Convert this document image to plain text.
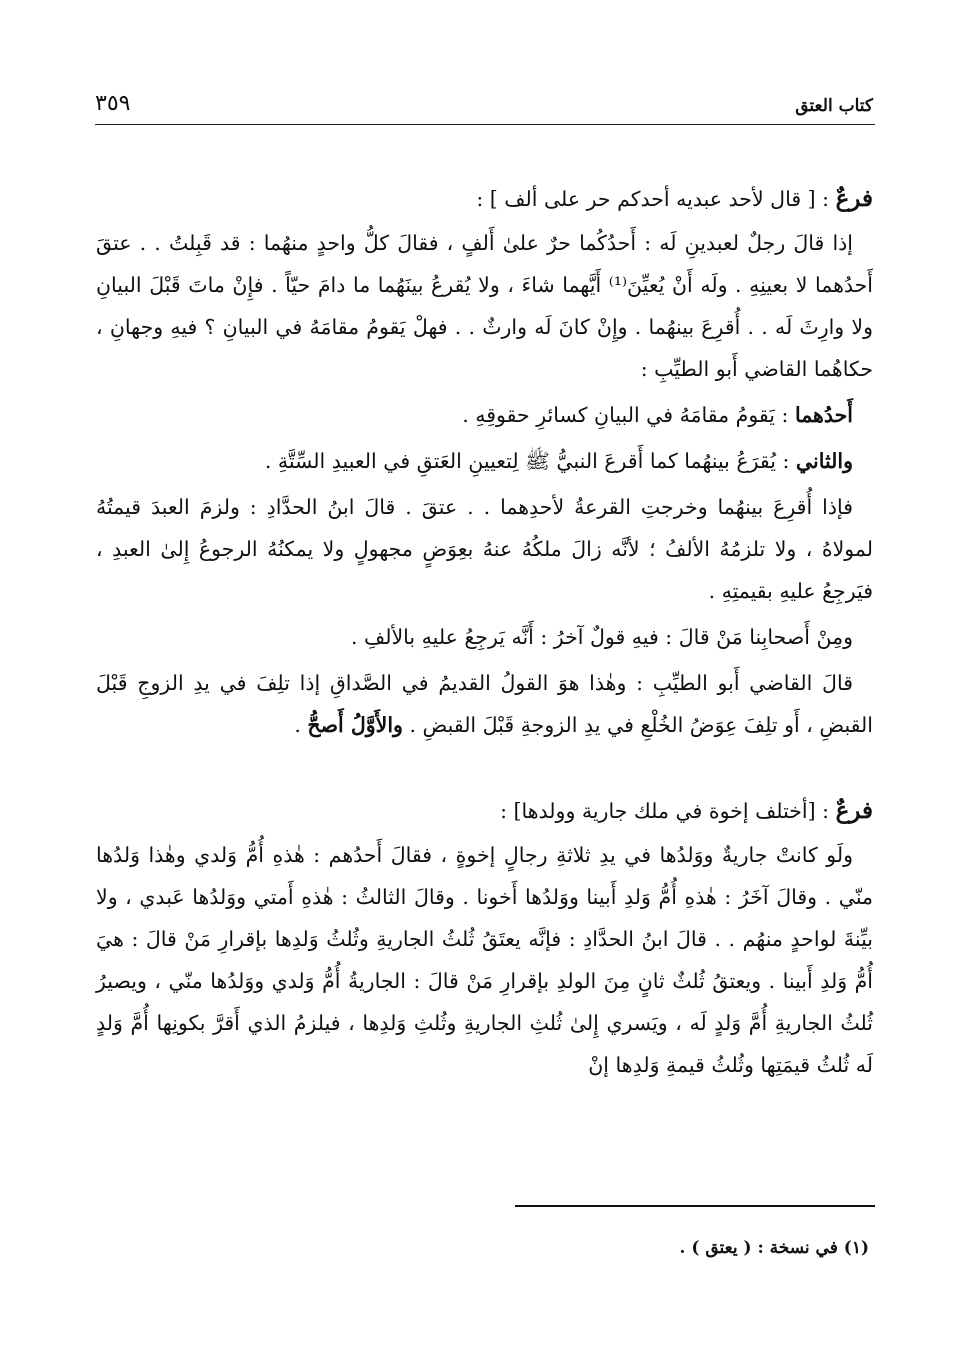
كتاب العتق
٣٥٩
فرعٌ : [ قال لأحد عبديه أحدكم حر على ألف ] :

إذا قالَ رجلٌ لعبدينِ لَه : أَحدُكُما حرٌ علىٰ أَلفٍ ، فقالَ كلُّ واحدٍ منهُما : قد قَبِلتُ . . عتقَ أَحدُهما لا بعينِهِ . ولَه أَنْ يُعيِّنَ⁽¹⁾ أَيَّهما شاءَ ، ولا يُقرعُ بينَهُما ما دامَ حيّاً . فإِنْ ماتَ قَبْلَ البيانِ ولا وارِثَ لَه . . أُقرِعَ بينهُما . وإِنْ كانَ لَه وارثٌ . . فهلْ يَقومُ مقامَهُ في البيانِ ؟ فيهِ وجهانِ ، حكاهُما القاضي أَبو الطيِّبِ :

أَحدُهما : يَقومُ مقامَهُ في البيانِ كسائرِ حقوقِهِ .

والثاني : يُقرَعُ بينهُما كما أَقرعَ النبيُّ ﷺ لِتعيينِ العَتقِ في العبيدِ السِّتَّةِ .

فإذا أُقرِعَ بينهُما وخرجتِ القرعةُ لأحدِهما . . عتقَ . قالَ ابنُ الحدَّادِ : ولزمَ العبدَ قيمتُهُ لمولاهُ ، ولا تلزمُهُ الألفُ ؛ لأنَّه زالَ ملكُهُ عنهُ بعِوَضٍ مجهولٍ ولا يمكنُهُ الرجوعُ إِلىٰ العبدِ ، فيَرجِعُ عليهِ بقيمتِهِ .

ومِنْ أَصحابِنا مَنْ قالَ : فيهِ قولٌ آخرُ : أَنَّه يَرجِعُ عليهِ بالألفِ .

قالَ القاضي أَبو الطيِّبِ : وهٰذا هوَ القولُ القديمُ في الصَّداقِ إذا تلِفَ في يدِ الزوجِ قَبْلَ القبضِ ، أَو تلِفَ عِوَضُ الخُلْعِ في يدِ الزوجةِ قَبْلَ القبضِ . والأَوَّلُ أَصحُّ .

فرعٌ : [أختلف إخوة في ملك جارية وولدها] :

ولَو كانتْ جاريةٌ ووَلدُها في يدِ ثلاثةِ رجالٍ إخوةٍ ، فقالَ أَحدُهم : هٰذهِ أُمُّ وَلدي وهٰذا وَلدُها منّي . وقالَ آخَرُ : هٰذهِ أُمُّ وَلدِ أَبينا ووَلدُها أَخونا . وقالَ الثالثُ : هٰذهِ أَمتي ووَلدُها عَبدي ، ولا بيِّنةَ لواحدٍ منهُم . . قالَ ابنُ الحدَّادِ : فإنَّه يعتَقُ ثُلثُ الجاريةِ وثُلثُ وَلدِها بإقرارِ مَنْ قالَ : هيَ أُمُّ وَلدِ أَبينا . ويعتقُ ثُلثٌ ثانٍ مِنَ الولدِ بإقرارِ مَنْ قالَ : الجاريةُ أُمُّ وَلدي ووَلدُها منّي ، ويصيرُ ثُلثُ الجاريةِ أُمَّ وَلدٍ لَه ، ويَسري إِلىٰ ثُلثِ الجاريةِ وثُلثِ وَلدِها ، فيلزمُ الذي أَقرَّ بكونِها أُمَّ وَلدٍ لَه ثُلثُ قيمَتِها وثُلثُ قيمةِ وَلدِها إنْ

(١) في نسخة : ( يعتق ) .
